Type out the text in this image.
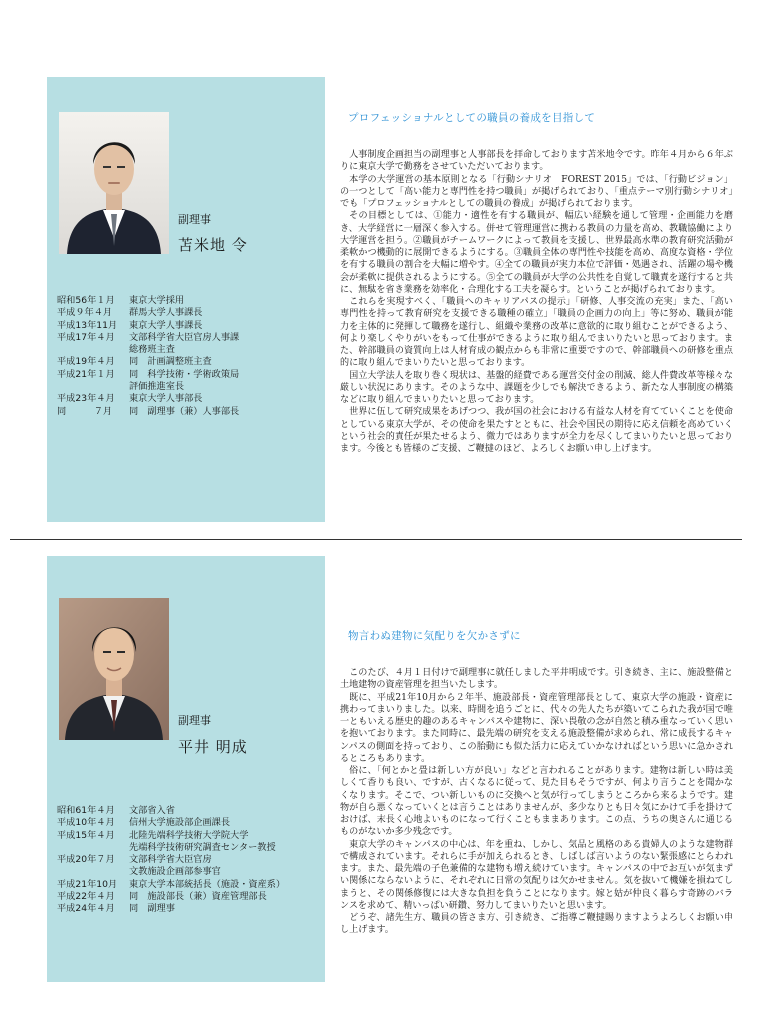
副理事
苫米地 令
昭和56年１月	東京大学採用
平成９年４月	群馬大学人事課長
平成13年11月	東京大学人事課長
平成17年４月	文部科学省大臣官房人事課
総務班主査
平成19年４月	同　計画調整班主査
平成21年１月	同　科学技術・学術政策局
評価推進室長
平成23年４月	東京大学人事部長
同　　　７月	同　副理事（兼）人事部長
プロフェッショナルとしての職員の養成を目指して

人事制度企画担当の副理事と人事部長を拝命しております苫米地令です。昨年４月から６年ぶりに東京大学で勤務をさせていただいております。

本学の大学運営の基本原則となる「行動シナリオ　FOREST 2015」では、「行動ビジョン」の一つとして「高い能力と専門性を持つ職員」が掲げられており、「重点テーマ別行動シナリオ」でも「プロフェッショナルとしての職員の養成」が掲げられております。

その目標としては、①能力・適性を有する職員が、幅広い経験を通して管理・企画能力を磨き、大学経営に一層深く参入する。併せて管理運営に携わる教員の力量を高め、教職協働により大学運営を担う。②職員がチームワークによって教員を支援し、世界最高水準の教育研究活動が柔軟かつ機動的に展開できるようにする。③職員全体の専門性や技能を高め、高度な資格・学位を有する職員の割合を大幅に増やす。④全ての職員が実力本位で評価・処遇され、活躍の場や機会が柔軟に提供されるようにする。⑤全ての職員が大学の公共性を自覚して職責を遂行すると共に、無駄を省き業務を効率化・合理化する工夫を凝らす。ということが掲げられております。

これらを実現すべく、「職員へのキャリアパスの提示」「研修、人事交流の充実」また、「高い専門性を持って教育研究を支援できる職種の確立」「職員の企画力の向上」等に努め、職員が能力を主体的に発揮して職務を遂行し、組織や業務の改革に意欲的に取り組むことができるよう、何より楽しくやりがいをもって仕事ができるように取り組んでまいりたいと思っております。また、幹部職員の資質向上は人材育成の観点からも非常に重要ですので、幹部職員への研修を重点的に取り組んでまいりたいと思っております。

国立大学法人を取り巻く現状は、基盤的経費である運営交付金の削減、総人件費改革等様々な厳しい状況にあります。そのような中、課題を少しでも解決できるよう、新たな人事制度の構築などに取り組んでまいりたいと思っております。

世界に伍して研究成果をあげつつ、我が国の社会における有益な人材を育てていくことを使命としている東京大学が、その使命を果たすとともに、社会や国民の期待に応え信頼を高めていくという社会的責任が果たせるよう、微力ではありますが全力を尽くしてまいりたいと思っております。今後とも皆様のご支援、ご鞭撻のほど、よろしくお願い申し上げます。

副理事
平井 明成
昭和61年４月	文部省入省
平成10年４月	信州大学施設部企画課長
平成15年４月	北陸先端科学技術大学院大学
先端科学技術研究調査センター教授
平成20年７月	文部科学省大臣官房
文教施設企画部参事官
平成21年10月	東京大学本部統括長（施設・資産系）
平成22年４月	同　施設部長（兼）資産管理部長
平成24年４月	同　副理事
物言わぬ建物に気配りを欠かさずに

このたび、４月１日付けで副理事に就任しました平井明成です。引き続き、主に、施設整備と土地建物の資産管理を担当いたします。

既に、平成21年10月から２年半、施設部長・資産管理部長として、東京大学の施設・資産に携わってまいりました。以来、時間を追うごとに、代々の先人たちが築いてこられた我が国で唯一ともいえる歴史的趣のあるキャンパスや建物に、深い畏敬の念が自然と積み重なっていく思いを抱いております。また同時に、最先端の研究を支える施設整備が求められ、常に成長するキャンパスの側面を持っており、この胎動にも似た活力に応えていかなければという思いに急かされるところもあります。

俗に、「何とかと畳は新しい方が良い」などと言われることがあります。建物は新しい時は美しくて香りも良い、ですが、古くなるに従って、見た目もそうですが、何より言うことを聞かなくなります。そこで、つい新しいものに交換へと気が行ってしまうところから来るようです。建物が自ら悪くなっていくとは言うことはありませんが、多少なりとも日々気にかけて手を掛けておけば、末長く心地よいものになって行くこともままあります。この点、うちの奥さんに通じるものがないか多少残念です。

東京大学のキャンパスの中心は、年を重ね、しかし、気品と風格のある貴婦人のような建物群で構成されています。それらに手が加えられるとき、しばしば言いようのない緊張感にとらわれます。また、最先端の子色兼備的な建物も増え続けています。キャンパスの中でお互いが気まずい関係にならないように、それぞれに日常の気配りは欠かせません。気を抜いて機嫌を損ねてしまうと、その関係修復には大きな負担を負うことになります。嫁と姑が仲良く暮らす奇跡のバランスを求めて、精いっぱい研鑽、努力してまいりたいと思います。

どうぞ、諸先生方、職員の皆さま方、引き続き、ご指導ご鞭撻賜りますようよろしくお願い申し上げます。
